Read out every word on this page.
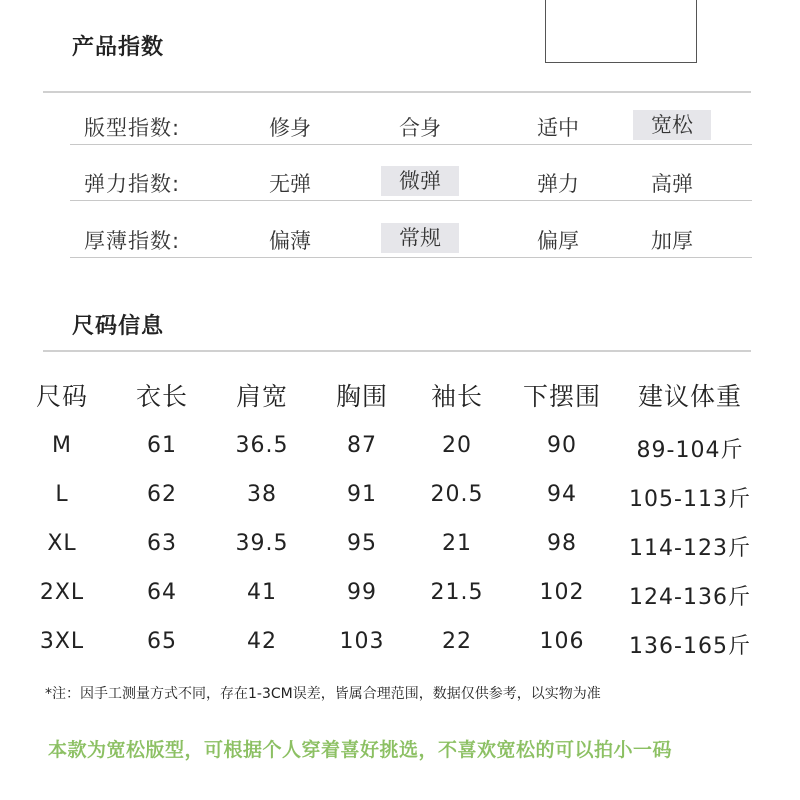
产品指数
版型指数:	修身	合身	适中	宽松
弹力指数:	无弹	微弹	弹力	高弹
厚薄指数:	偏薄	常规	偏厚	加厚
尺码信息
尺码	衣长	肩宽	胸围	袖长	下摆围	建议体重
M	61	36.5	87	20	90	89-104斤
L	62	38	91	20.5	94	105-113斤
XL	63	39.5	95	21	98	114-123斤
2XL	64	41	99	21.5	102	124-136斤
3XL	65	42	103	22	106	136-165斤
*注：因手工测量方式不同，存在1-3CM误差，皆属合理范围，数据仅供参考，以实物为准
本款为宽松版型，可根据个人穿着喜好挑选，不喜欢宽松的可以拍小一码
